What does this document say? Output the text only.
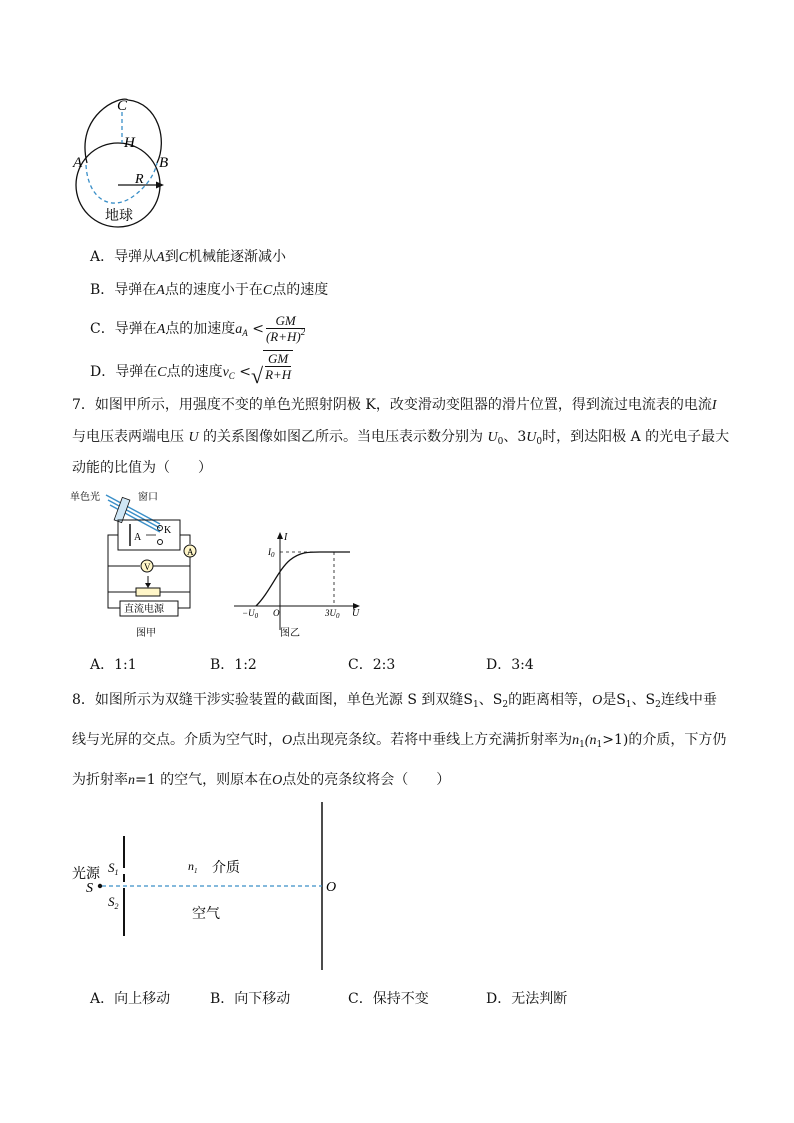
C
H
A	B
R
地球
A．导弹从A到C机械能逐渐减小
B．导弹在A点的速度小于在C点的速度
C．导弹在A点的加速度$a_A < \frac{GM}{(R+H)^2}$
D．导弹在C点的速度$v_C$ <√ $\frac{GM}{R+H}$
7．如图甲所示，用强度不变的单色光照射阴极 K，改变滑动变阻器的滑片位置，得到流过电流表的电流I
与电压表两端电压 U 的关系图像如图乙所示。当电压表示数分别为 $U_0$、$3U_0$时，到达阳极 A 的光电子最大
动能的比值为（　　）
单色光	窗口
A
K
A
V
直流电源
图甲
I
$I_0$
$-U_0$ O	$3U_0$ U
图乙
A．1:1	B．1:2	C．2:3	D．3:4
8．如图所示为双缝干涉实验装置的截面图，单色光源 S 到双缝$S_1$、$S_2$的距离相等，O是$S_1$、$S_2$连线中垂
线与光屏的交点。介质为空气时，O点出现亮条纹。若将中垂线上方充满折射率为$n_1(n_1>1)$的介质，下方仍
为折射率n=1 的空气，则原本在O点处的亮条纹将会（　　）
光源
S
$S_1$
$S_2$
$n_1$ 介质
空气
O
A．向上移动	B．向下移动	C．保持不变	D．无法判断
